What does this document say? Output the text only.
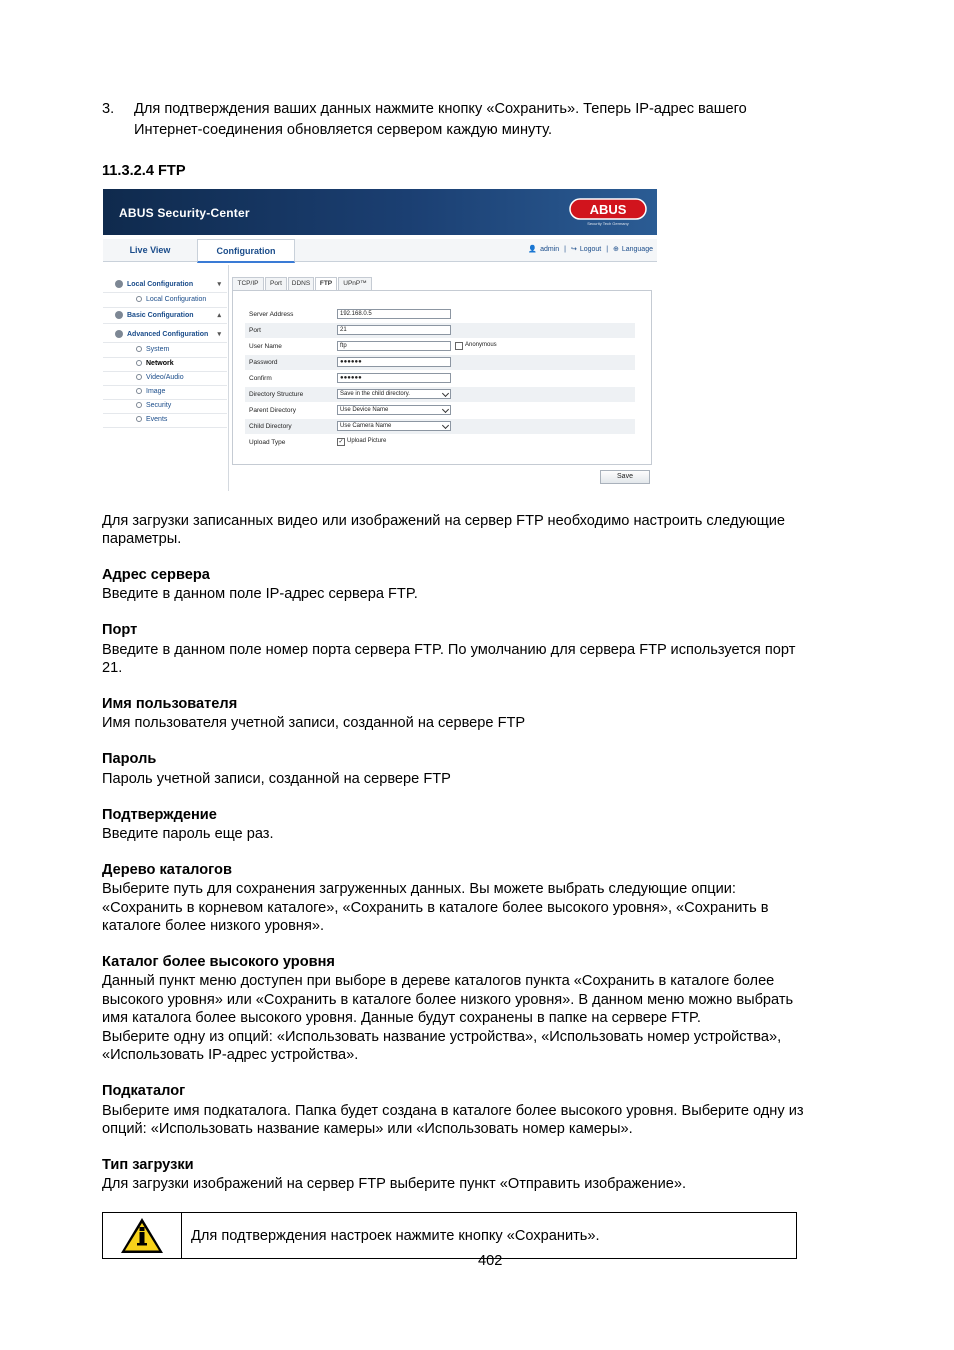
3. Для подтверждения ваших данных нажмите кнопку «Сохранить». Теперь IP-адрес вашего
Интернет-соединения обновляется сервером каждую минуту.
11.3.2.4 FTP
ABUS Security-Center	ABUS
Security Tech Germany
Live View	Configuration	👤 admin | ↪ Logout | ⊕ Language
Local Configuration	▾
Local Configuration
Basic Configuration	▴
Advanced Configuration ▾
System
Network
Video/Audio
Image
Security
Events
TCP/IP	Port	DDNS	FTP	UPnP™
Server Address	192.168.0.5
Port	21
User Name	ftp	Anonymous
Password	●●●●●●
Confirm	●●●●●●
Directory Structure	Save in the child directory.
Parent Directory	Use Device Name
Child Directory	Use Camera Name
Upload Type	✓ Upload Picture
Save
Для загрузки записанных видео или изображений на сервер FTP необходимо настроить следующие
параметры.
Адрес сервера
Введите в данном поле IP-адрес сервера FTP.
Порт
Введите в данном поле номер порта сервера FTP. По умолчанию для сервера FTP используется порт
21.
Имя пользователя
Имя пользователя учетной записи, созданной на сервере FTP
Пароль
Пароль учетной записи, созданной на сервере FTP
Подтверждение
Введите пароль еще раз.
Дерево каталогов
Выберите путь для сохранения загруженных данных. Вы можете выбрать следующие опции:
«Сохранить в корневом каталоге», «Сохранить в каталоге более высокого уровня», «Сохранить в
каталоге более низкого уровня».
Каталог более высокого уровня
Данный пункт меню доступен при выборе в дереве каталогов пункта «Сохранить в каталоге более
высокого уровня» или «Сохранить в каталоге более низкого уровня». В данном меню можно выбрать
имя каталога более высокого уровня. Данные будут сохранены в папке на сервере FTP.
Выберите одну из опций: «Использовать название устройства», «Использовать номер устройства»,
«Использовать IP-адрес устройства».
Подкаталог
Выберите имя подкаталога. Папка будет создана в каталоге более высокого уровня. Выберите одну из
опций: «Использовать название камеры» или «Использовать номер камеры».
Тип загрузки
Для загрузки изображений на сервер FTP выберите пункт «Отправить изображение».
Для подтверждения настроек нажмите кнопку «Сохранить».
402
